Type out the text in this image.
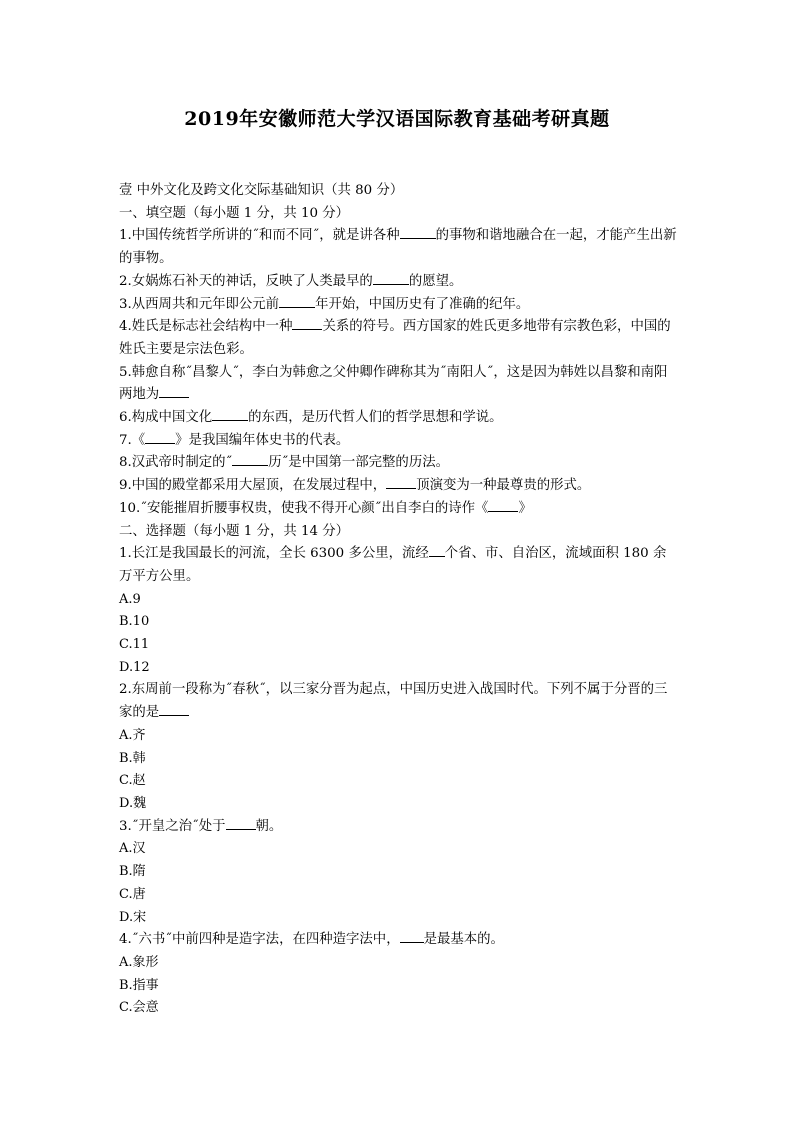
2019年安徽师范大学汉语国际教育基础考研真题
壹 中外文化及跨文化交际基础知识（共 80 分）
一、填空题（每小题 1 分，共 10 分）
1.中国传统哲学所讲的˝和而不同˝，就是讲各种	的事物和谐地融合在一起，才能产生出新的事物。
2.女娲炼石补天的神话，反映了人类最早的	的愿望。
3.从西周共和元年即公元前	年开始，中国历史有了准确的纪年。
4.姓氏是标志社会结构中一种 关系的符号。西方国家的姓氏更多地带有宗教色彩，中国的姓氏主要是宗法色彩。
5.韩愈自称˝昌黎人˝，李白为韩愈之父仲卿作碑称其为˝南阳人˝，这是因为韩姓以昌黎和南阳两地为
6.构成中国文化	的东西，是历代哲人们的哲学思想和学说。
7.《 》是我国编年体史书的代表。
8.汉武帝时制定的˝	历˝是中国第一部完整的历法。
9.中国的殿堂都采用大屋顶，在发展过程中， 顶演变为一种最尊贵的形式。
10.˝安能摧眉折腰事权贵，使我不得开心颜˝出自李白的诗作《 》
二、选择题（每小题 1 分，共 14 分）
1.长江是我国最长的河流，全长 6300 多公里，流经 个省、市、自治区，流域面积 180 余万平方公里。
A.9
B.10
C.11
D.12
2.东周前一段称为˝春秋˝，以三家分晋为起点，中国历史进入战国时代。下列不属于分晋的三家的是
A.齐
B.韩
C.赵
D.魏
3.˝开皇之治˝处于 朝。
A.汉
B.隋
C.唐
D.宋
4.˝六书˝中前四种是造字法，在四种造字法中， 是最基本的。
A.象形
B.指事
C.会意
